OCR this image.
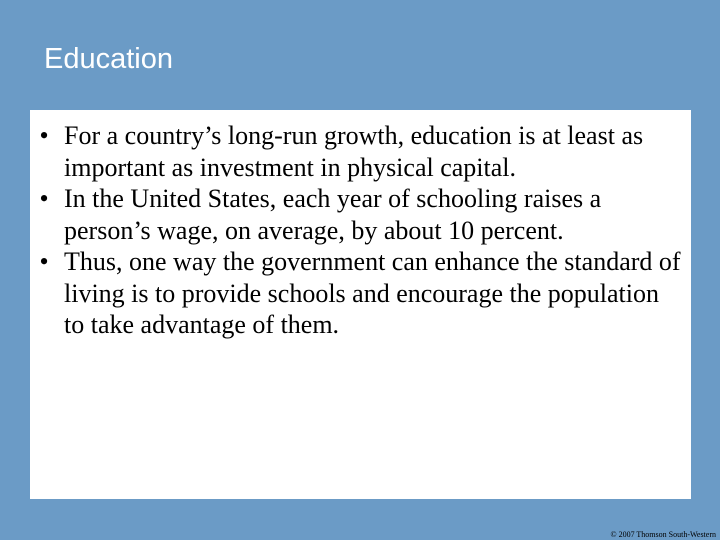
Education
• For a country’s long-run growth, education is at least as important as investment in physical capital.
• In the United States, each year of schooling raises a person’s wage, on average, by about 10 percent.
• Thus, one way the government can enhance the standard of living is to provide schools and encourage the population to take advantage of them.
© 2007 Thomson South-Western
